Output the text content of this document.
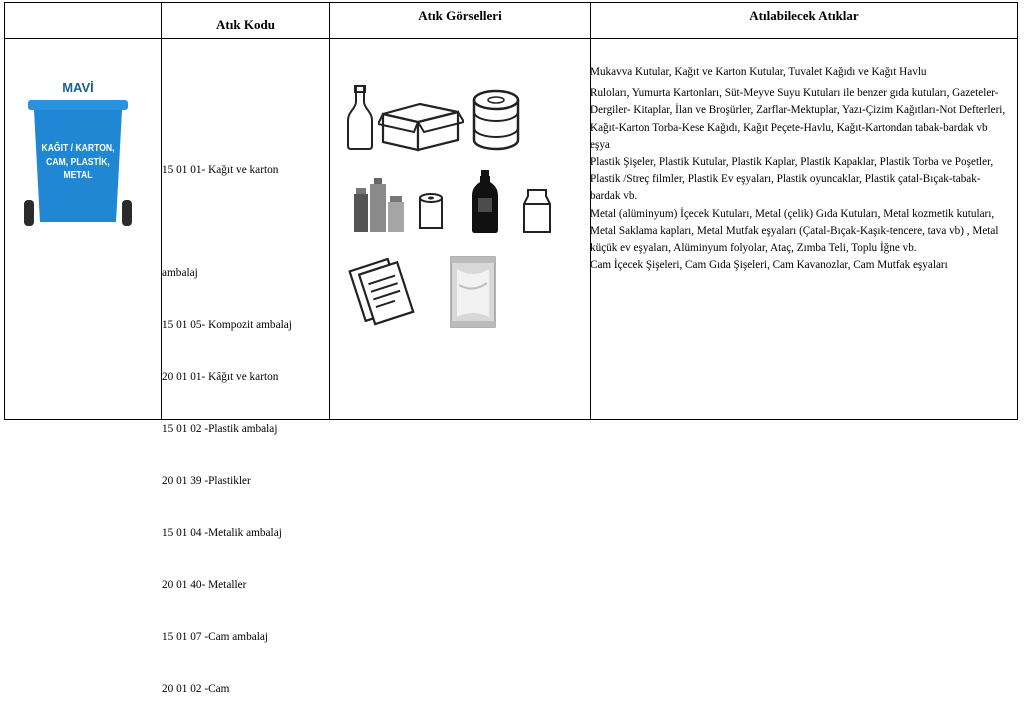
Atık Kodu
Atık Görselleri	Atılabilecek Atıklar
MAVİ
KAĞIT / KARTON,
CAM, PLASTİK,
METAL

	15 01 01- Kağıt ve karton

ambalaj

15 01 05- Kompozit ambalaj

20 01 01- Kâğıt ve karton

15 01 02 -Plastik ambalaj

20 01 39 -Plastikler

15 01 04 -Metalik ambalaj

20 01 40- Metaller

15 01 07 -Cam ambalaj

20 01 02 -Cam

Mukavva Kutular, Kağıt ve Karton Kutular, Tuvalet Kağıdı ve Kağıt Havlu

Ruloları, Yumurta Kartonları, Süt-Meyve Suyu Kutuları ile benzer gıda kutuları, Gazeteler-Dergiler- Kitaplar, İlan ve Broşürler, Zarflar-Mektuplar, Yazı-Çizim Kağıtları-Not Defterleri, Kağıt-Karton Torba-Kese Kağıdı, Kağıt Peçete-Havlu, Kağıt-Kartondan tabak-bardak vb eşya

Plastik Şişeler, Plastik Kutular, Plastik Kaplar, Plastik Kapaklar, Plastik Torba ve Poşetler, Plastik /Streç filmler, Plastik Ev eşyaları, Plastik oyuncaklar, Plastik çatal-Bıçak-tabak-bardak vb.

Metal (alüminyum) İçecek Kutuları, Metal (çelik) Gıda Kutuları, Metal kozmetik kutuları, Metal Saklama kapları, Metal Mutfak eşyaları (Çatal-Bıçak-Kaşık-tencere, tava vb) , Metal küçük ev eşyaları, Alüminyum folyolar, Ataç, Zımba Teli, Toplu İğne vb.

Cam İçecek Şişeleri, Cam Gıda Şişeleri, Cam Kavanozlar, Cam Mutfak eşyaları
